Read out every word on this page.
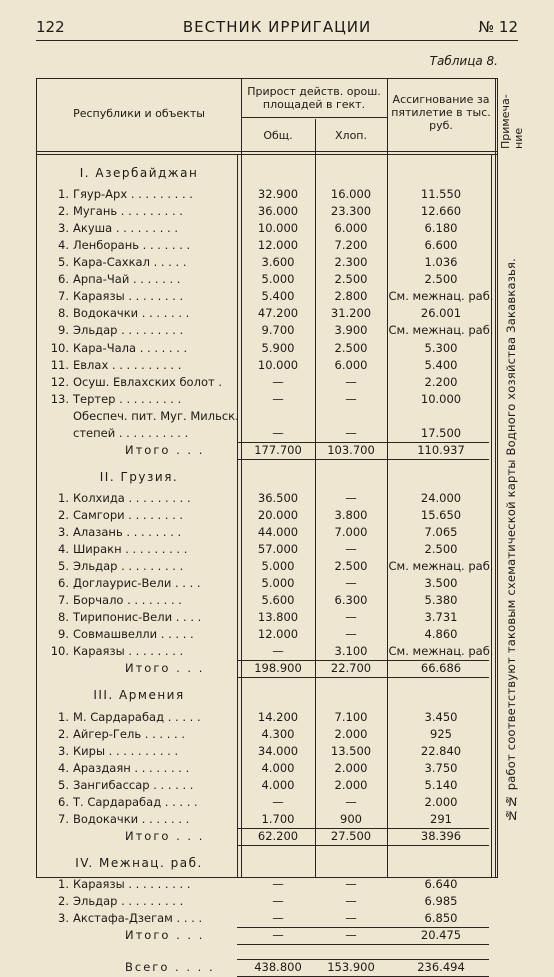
122	ВЕСТНИК ИРРИГАЦИИ	№ 12
Таблица 8.
Республики и объекты
Прирост действ. орош. площадей в гект.
Общ.	Хлоп.
Ассигнование за пятилетие в тыс. руб.	Примеча-ние
I. Азербайджан
1. Гяур-Арх . . . . . . . . .	32.900	16.000	11.550
2. Мугань . . . . . . . . .	36.000	23.300	12.660
3. Акуша . . . . . . . . .	10.000	6.000	6.180
4. Ленборань . . . . . . .	12.000	7.200	6.600
5. Кара-Сахкал . . . . .	3.600	2.300	1.036
6. Арпа-Чай . . . . . . .	5.000	2.500	2.500
7. Караязы . . . . . . . .	5.400	2.800	См. межнац. раб.
8. Водокачки . . . . . . .	47.200	31.200	26.001
9. Эльдар . . . . . . . . .	9.700	3.900	См. межнац. раб.
10. Кара-Чала . . . . . . .	5.900	2.500	5.300
11. Евлах . . . . . . . . . .	10.000	6.000	5.400
12. Осуш. Евлахских болот .	—	—	2.200
13. Тертер . . . . . . . . .	—	—	10.000
Обеспеч. пит. Муг. Мильск.
степей . . . . . . . . . .	—	—	17.500
Итого . . .	177.700	103.700	110.937
II. Грузия.
1. Колхида . . . . . . . . .	36.500	—	24.000
2. Самгори . . . . . . . .	20.000	3.800	15.650
3. Алазань . . . . . . . .	44.000	7.000	7.065
4. Ширакн . . . . . . . . .	57.000	—	2.500
5. Эльдар . . . . . . . . .	5.000	2.500	См. межнац. раб.
6. Доглаурис-Вели . . . .	5.000	—	3.500
7. Борчало . . . . . . . .	5.600	6.300	5.380
8. Тирипонис-Вели . . . .	13.800	—	3.731
9. Совмашвелли . . . . .	12.000	—	4.860
10. Караязы . . . . . . . .	—	3.100	См. межнац. раб.
Итого . . .	198.900	22.700	66.686
III. Армения
1. М. Сардарабад . . . . .	14.200	7.100	3.450
2. Айгер-Гель . . . . . .	4.300	2.000	925
3. Киры . . . . . . . . . .	34.000	13.500	22.840
4. Араздаян . . . . . . . .	4.000	2.000	3.750
5. Зангибассар . . . . . .	4.000	2.000	5.140
6. Т. Сардарабад . . . . .	—	—	2.000
7. Водокачки . . . . . . .	1.700	900	291
Итого . . .	62.200	27.500	38.396
IV. Межнац. раб.
1. Караязы . . . . . . . . .	—	—	6.640
2. Эльдар . . . . . . . . .	—	—	6.985
3. Акстафа-Дзегам . . . .	—	—	6.850
Итого . . .	—	—	20.475
Всего . . . .	438.800	153.900	236.494
№№ работ соответствуют таковым схематической карты Водного хозяйства Закавказья.
